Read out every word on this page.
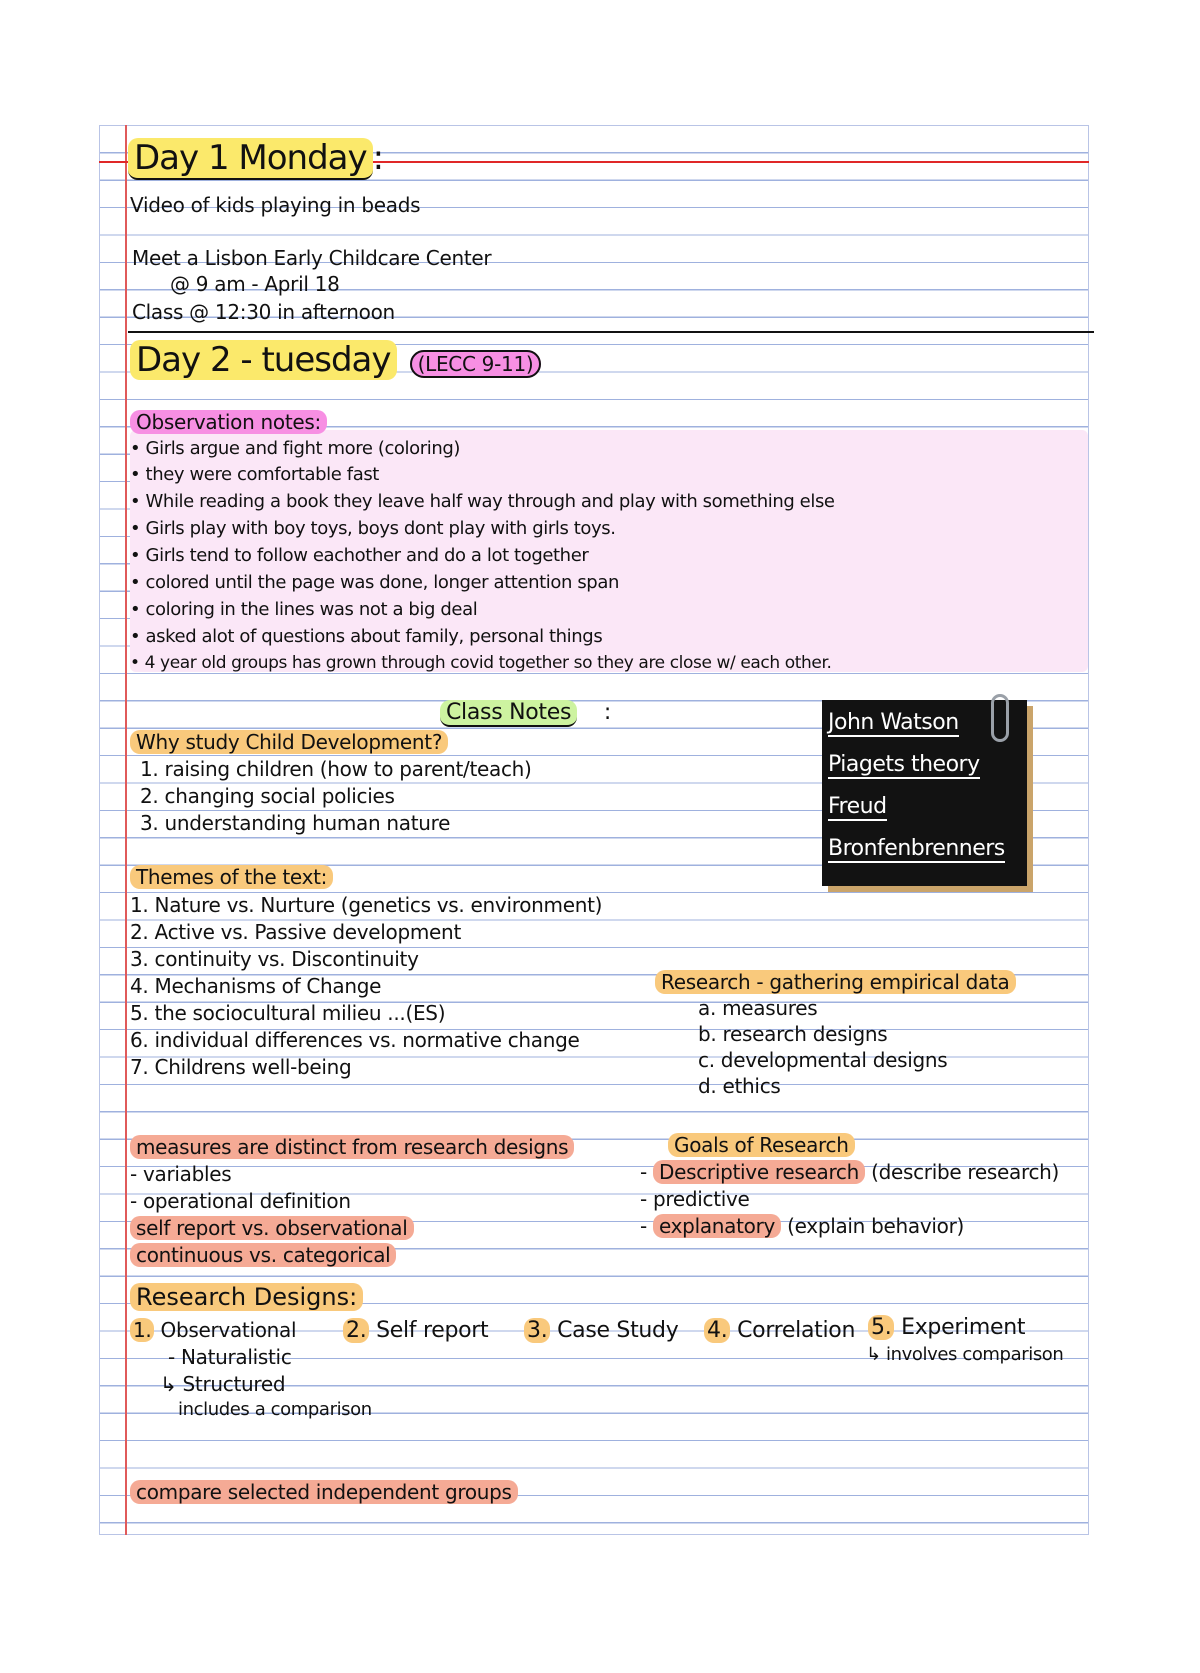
Day 1 Monday :
Video of kids playing in beads
Meet a Lisbon Early Childcare Center
@ 9 am - April 18
Class @ 12:30 in afternoon
Day 2 - tuesday (LECC 9-11)
Observation notes:
• Girls argue and fight more (coloring)
• they were comfortable fast
• While reading a book they leave half way through and play with something else
• Girls play with boy toys, boys dont play with girls toys.
• Girls tend to follow eachother and do a lot together
• colored until the page was done, longer attention span
• coloring in the lines was not a big deal
• asked alot of questions about family, personal things
• 4 year old groups has grown through covid together so they are close w/ each other.
Class Notes :
Why study Child Development?
1. raising children (how to parent/teach)
2. changing social policies
3. understanding human nature
Themes of the text:
1. Nature vs. Nurture (genetics vs. environment)
2. Active vs. Passive development
3. continuity vs. Discontinuity
4. Mechanisms of Change
5. the sociocultural milieu ...(ES)
6. individual differences vs. normative change
7. Childrens well-being
John Watson
Piagets theory
Freud
Bronfenbrenners
Research - gathering empirical data
a. measures
b. research designs
c. developmental designs
d. ethics
measures are distinct from research designs
- variables
- operational definition
self report vs. observational
continuous vs. categorical
Goals of Research
- Descriptive research (describe research)
- predictive
- explanatory (explain behavior)
Research Designs:
1. Observational
- Naturalistic
↳ Structured
includes a comparison
2. Self report 3. Case Study 4. Correlation 5. Experiment
↳ involves comparison
compare selected independent groups
